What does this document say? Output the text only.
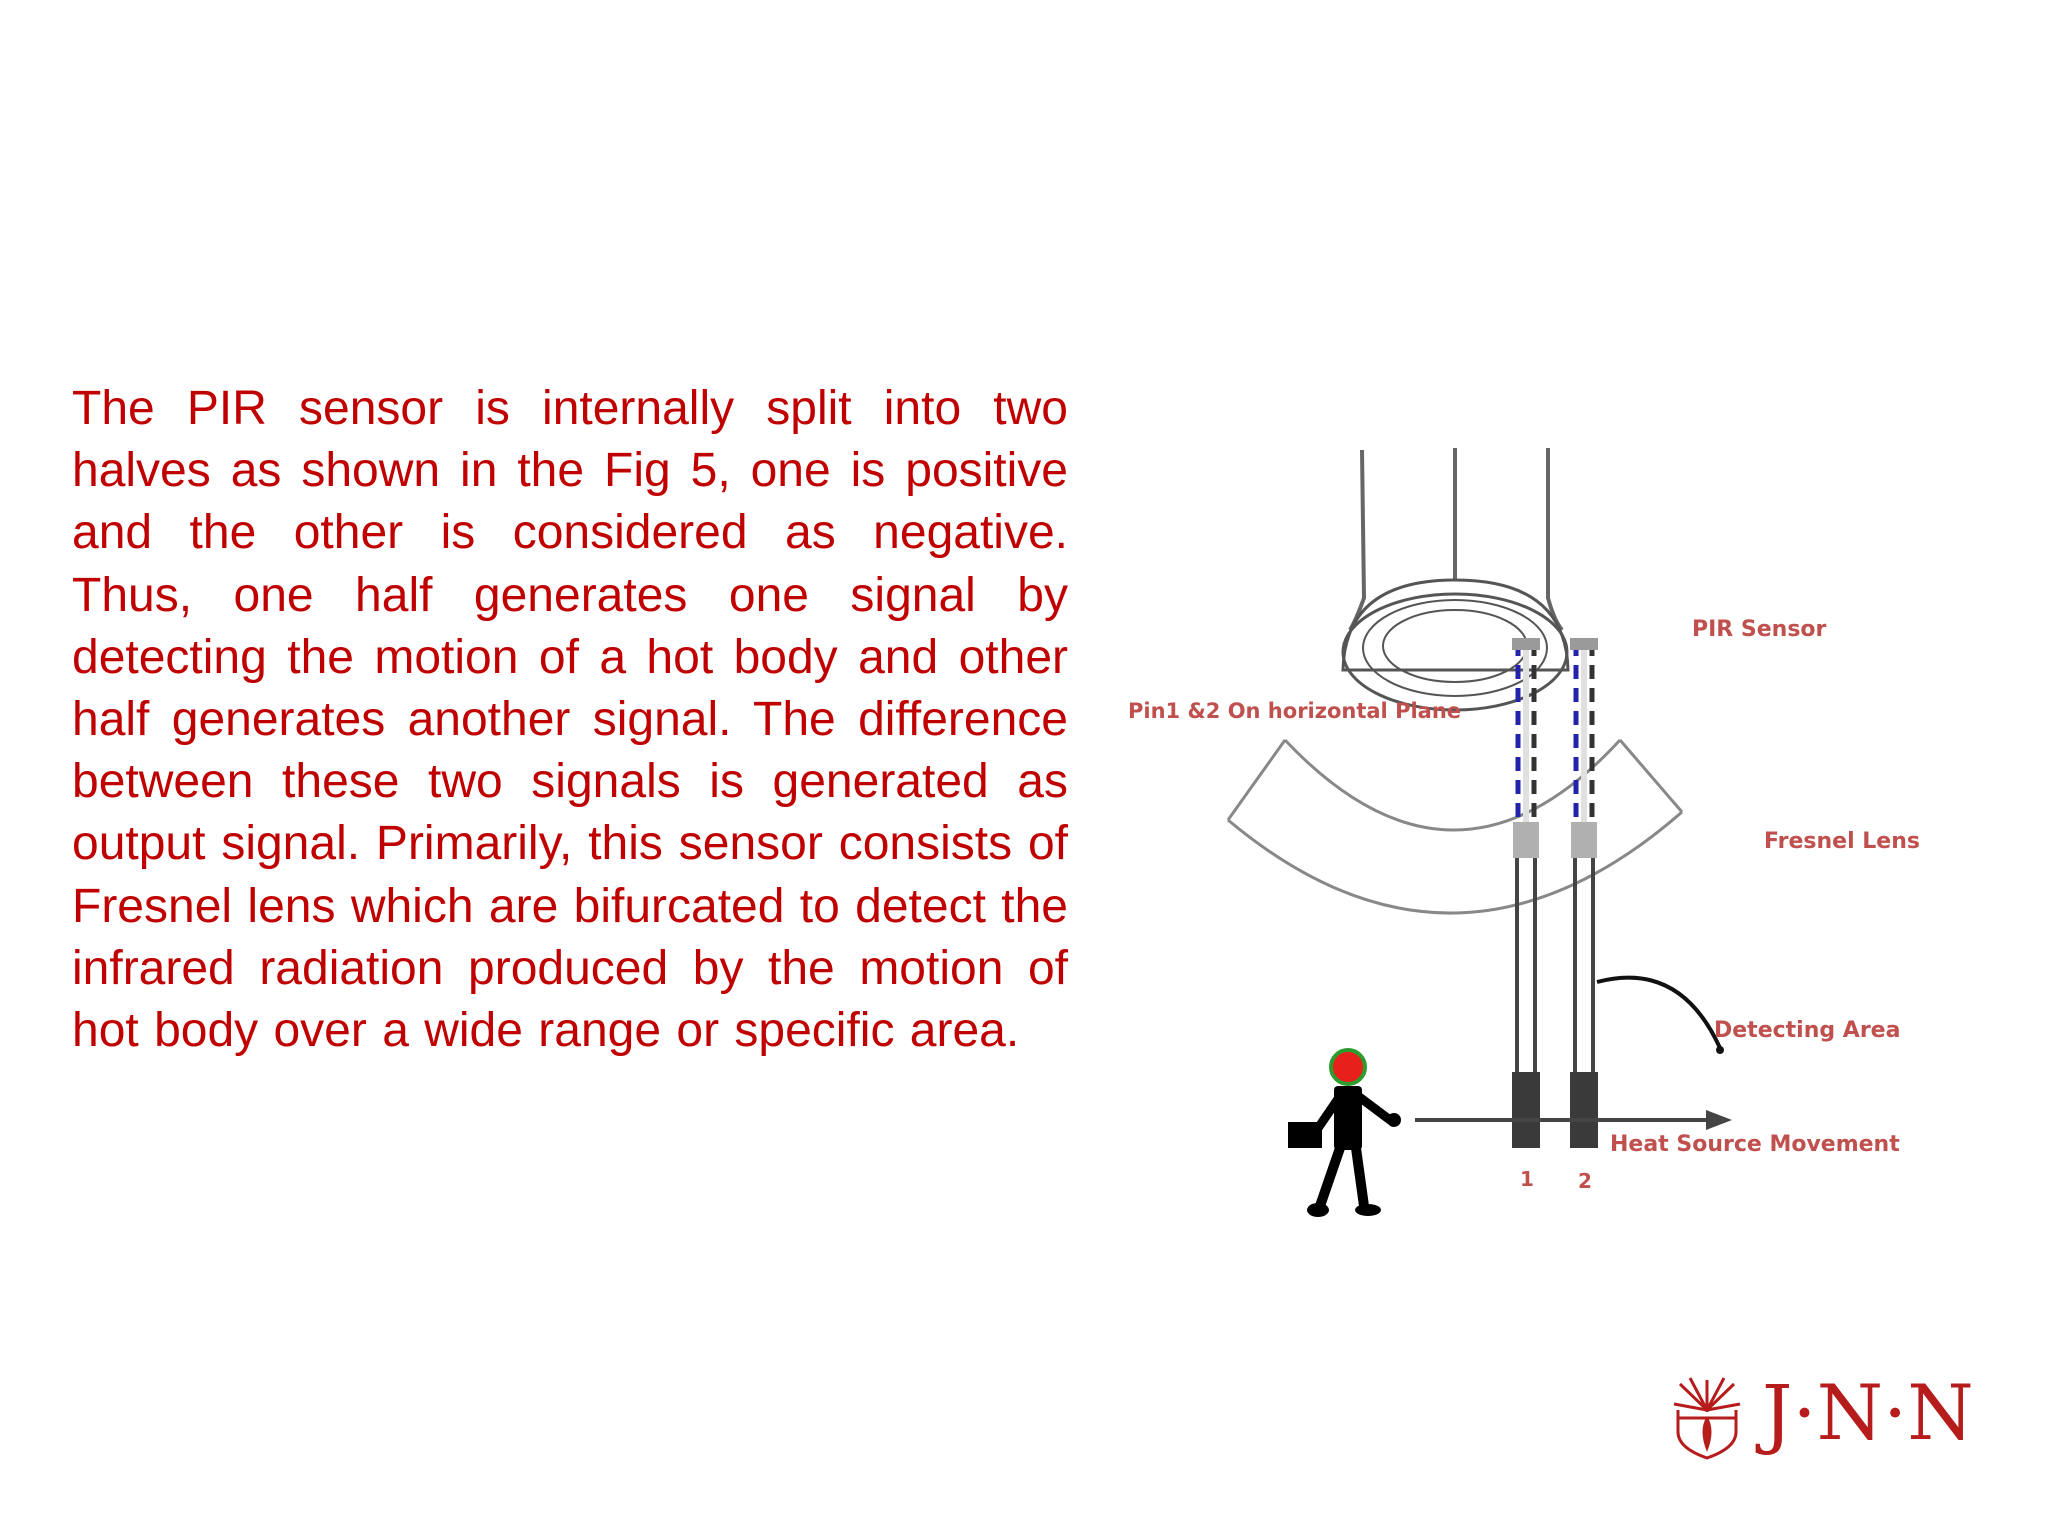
The PIR sensor is internally split into two halves as shown in the Fig 5, one is positive and the other is considered as negative. Thus, one half generates one signal by detecting the motion of a hot body and other half generates another signal. The difference between these two signals is generated as output signal. Primarily, this sensor consists of Fresnel lens which are bifurcated to detect the infrared radiation produced by the motion of hot body over a wide range or specific area.

PIR Sensor
Pin1 &2 On horizontal Plane
Fresnel Lens
Detecting Area
Heat Source Movement
1 2
J·N·N
